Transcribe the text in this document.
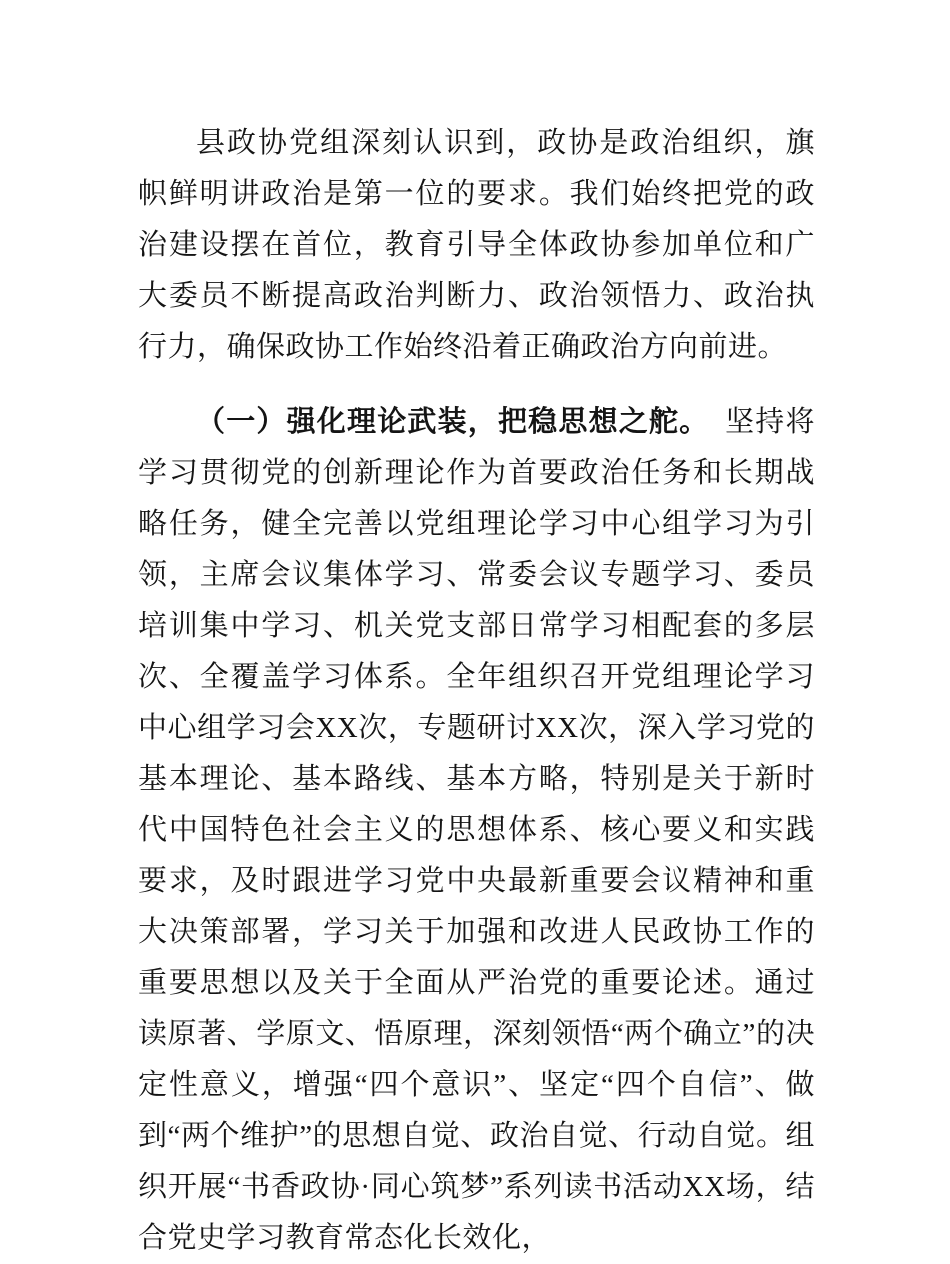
县政协党组深刻认识到，政协是政治组织，旗帜鲜明讲政治是第一位的要求。我们始终把党的政治建设摆在首位，教育引导全体政协参加单位和广大委员不断提高政治判断力、政治领悟力、政治执行力，确保政协工作始终沿着正确政治方向前进。

（一）强化理论武装，把稳思想之舵。　坚持将学习贯彻党的创新理论作为首要政治任务和长期战略任务，健全完善以党组理论学习中心组学习为引领，主席会议集体学习、常委会议专题学习、委员培训集中学习、机关党支部日常学习相配套的多层次、全覆盖学习体系。全年组织召开党组理论学习中心组学习会XX次，专题研讨XX次，深入学习党的基本理论、基本路线、基本方略，特别是关于新时代中国特色社会主义的思想体系、核心要义和实践要求，及时跟进学习党中央最新重要会议精神和重大决策部署，学习关于加强和改进人民政协工作的重要思想以及关于全面从严治党的重要论述。通过读原著、学原文、悟原理，深刻领悟“两个确立”的决定性意义，增强“四个意识”、坚定“四个自信”、做到“两个维护”的思想自觉、政治自觉、行动自觉。组织开展“书香政协·同心筑梦”系列读书活动XX场，结合党史学习教育常态化长效化，
